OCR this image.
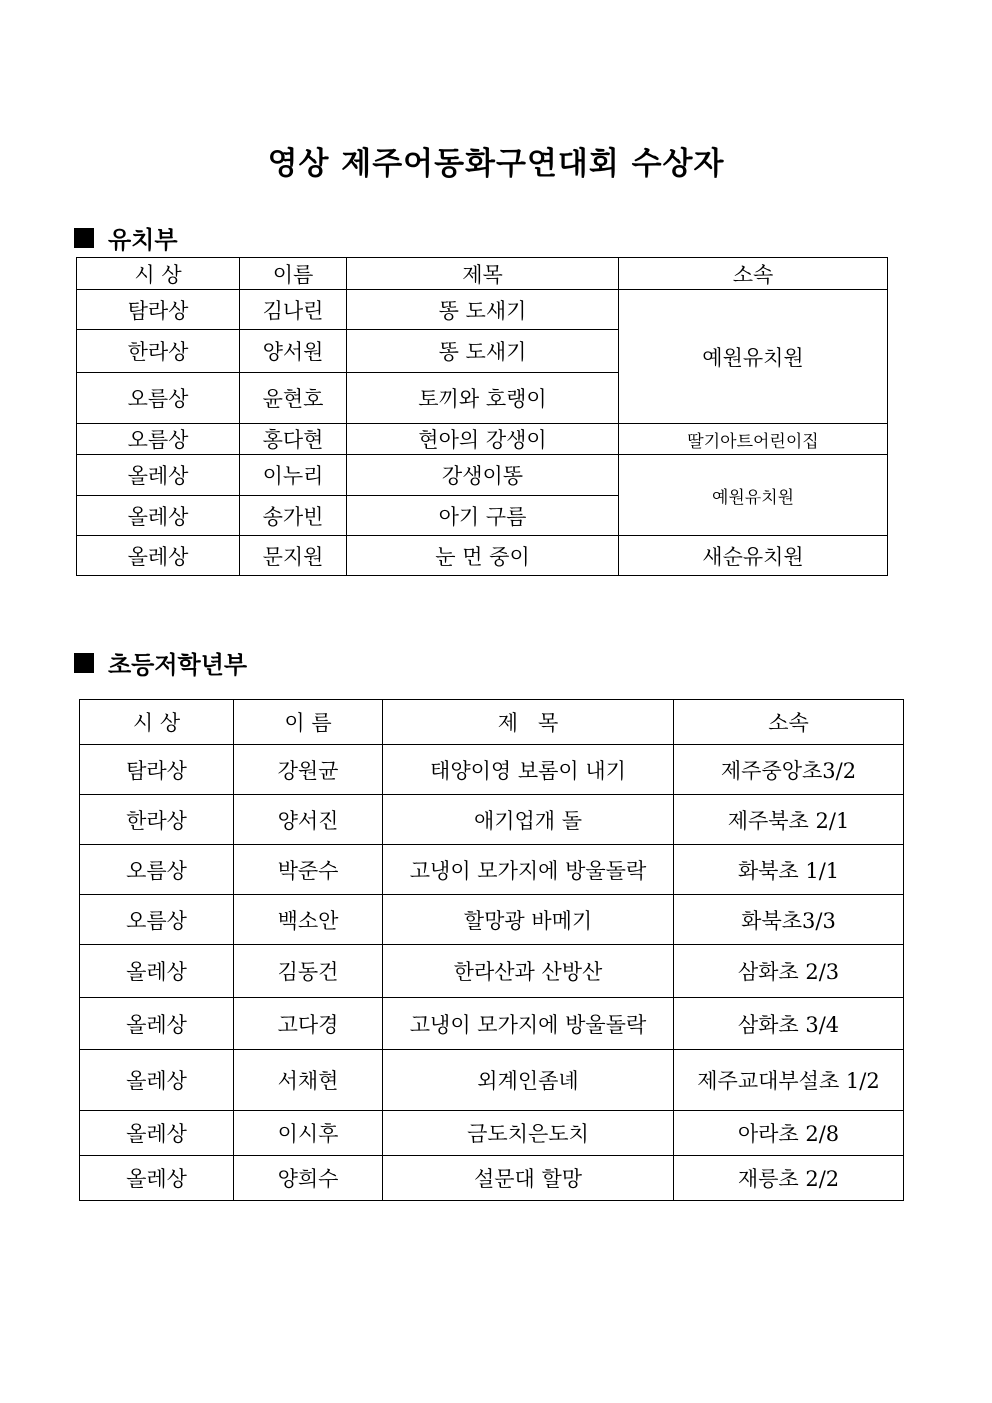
영상 제주어동화구연대회 수상자
유치부
시 상	이름	제목	소속
탐라상	김나린	똥 도새기	예원유치원
한라상	양서원	똥 도새기	
오름상	윤현호	토끼와 호랭이	
오름상	홍다현	현아의 강생이	딸기아트어린이집
올레상	이누리	강생이똥	예원유치원
올레상	송가빈	아기 구름	
올레상	문지원	눈 먼 중이	새순유치원
초등저학년부
시 상	이 름	제   목	소속
탐라상	강원균	태양이영 보롬이 내기	제주중앙초3/2
한라상	양서진	애기업개 돌	제주북초 2/1
오름상	박준수	고냉이 모가지에 방울돌락	화북초 1/1
오름상	백소안	할망광 바메기	화북초3/3
올레상	김동건	한라산과 산방산	삼화초 2/3
올레상	고다경	고냉이 모가지에 방울돌락	삼화초 3/4
올레상	서채현	외계인좀녜	제주교대부설초 1/2
올레상	이시후	금도치은도치	아라초 2/8
올레상	양희수	설문대 할망	재릉초 2/2
